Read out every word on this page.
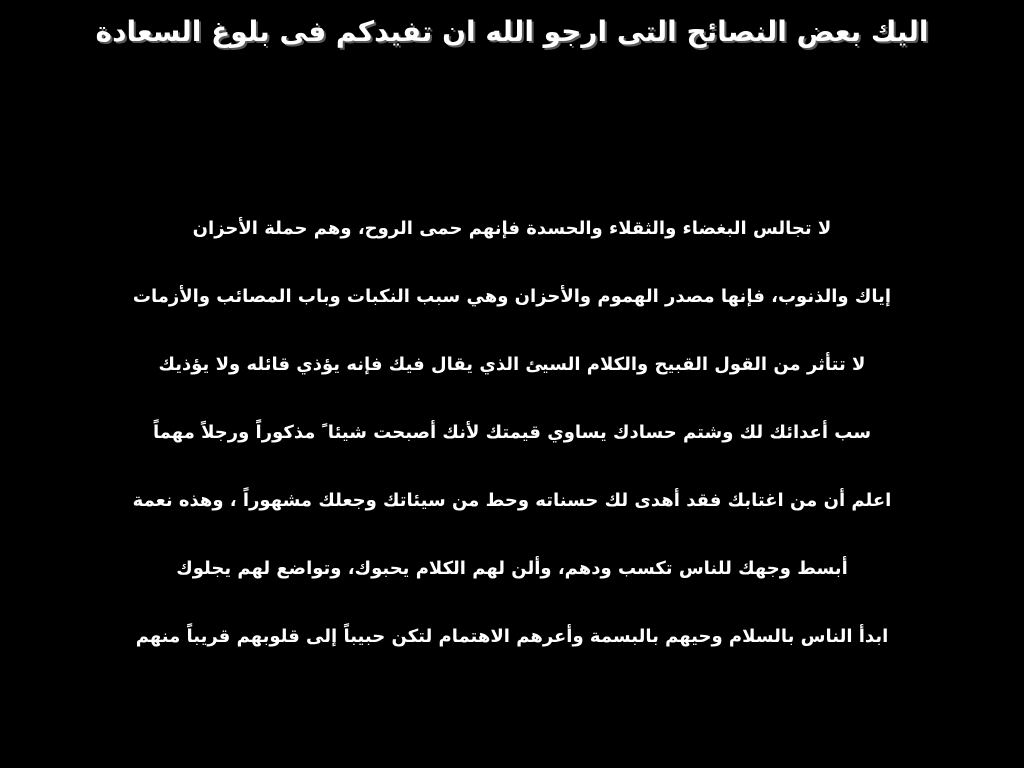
اليك بعض النصائح التى ارجو الله ان تفيدكم فى بلوغ السعادة
لا تجالس البغضاء والثقلاء والحسدة فإنهم حمى الروح، وهم حملة الأحزان
إياك والذنوب، فإنها مصدر الهموم والأحزان وهي سبب النكبات وباب المصائب والأزمات
لا تتأثر من القول القبيح والكلام السيئ الذي يقال فيك فإنه يؤذي قائله ولا يؤذيك
سب أعدائك لك وشتم حسادك يساوي قيمتك لأنك أصبحت شيئا ً مذكوراً ورجلاً مهماً
اعلم أن من اغتابك فقد أهدى لك حسناته وحط من سيئاتك وجعلك مشهوراً ، وهذه نعمة
أبسط وجهك للناس تكسب ودهم، وألن لهم الكلام يحبوك، وتواضع لهم يجلوك
ابدأ الناس بالسلام وحيهم بالبسمة وأعرهم الاهتمام لتكن حبيباً إلى قلوبهم قريباً منهم
